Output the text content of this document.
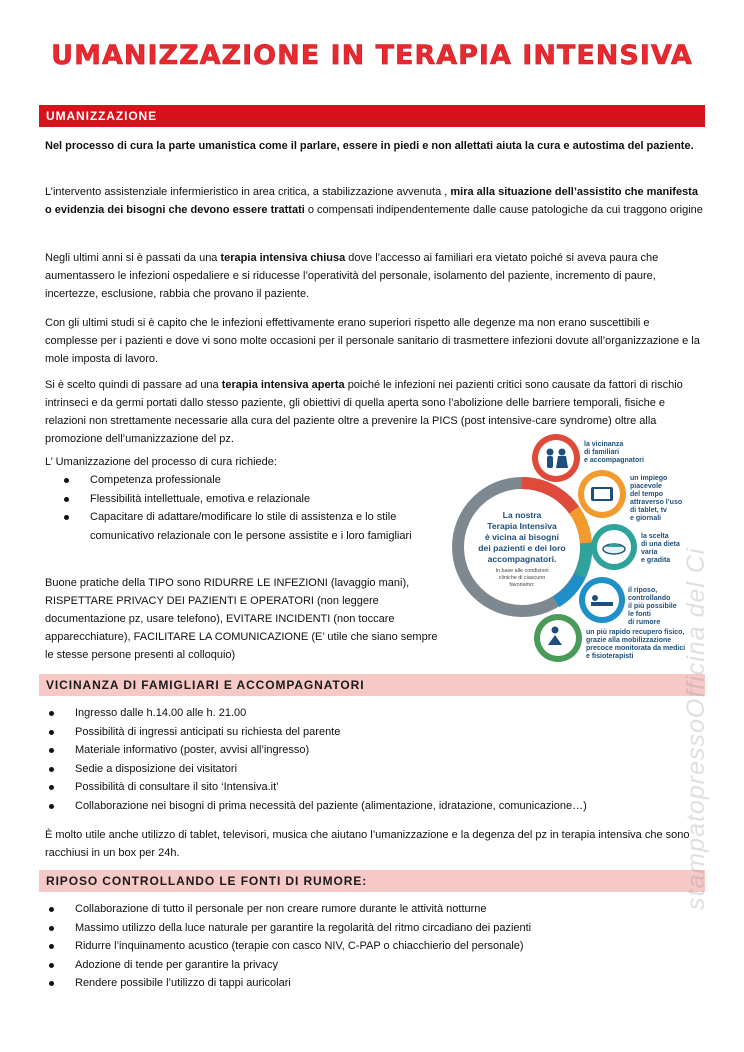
UMANIZZAZIONE IN TERAPIA INTENSIVA
UMANIZZAZIONE
Nel processo di cura la parte umanistica come il parlare, essere in piedi e non allettati aiuta la cura e autostima del paziente.
L’intervento assistenziale infermieristico in area critica, a stabilizzazione avvenuta , mira alla situazione dell’assistito che manifesta o evidenzia dei bisogni che devono essere trattati o compensati indipendentemente dalle cause patologiche da cui traggono origine
Negli ultimi anni si è passati da una terapia intensiva chiusa dove l’accesso ai familiari era vietato poiché si aveva paura che aumentassero le infezioni ospedaliere e si riducesse l’operatività del personale, isolamento del paziente, incremento di paure, incertezze, esclusione, rabbia che provano il paziente.
Con gli ultimi studi si è capito che le infezioni effettivamente erano superiori rispetto alle degenze ma non erano suscettibili e complesse per i pazienti e dove vi sono molte occasioni per il personale sanitario di trasmettere infezioni dovute all’organizzazione e la mole imposta di lavoro.
Si è scelto quindi di passare ad una terapia intensiva aperta poiché le infezioni nei pazienti critici sono causate da fattori di rischio intrinseci e da germi portati dallo stesso paziente, gli obiettivi di quella aperta sono l’abolizione delle barriere temporali, fisiche e relazioni non strettamente necessarie alla cura del paziente oltre a prevenire la PICS (post intensive-care syndrome) oltre alla promozione dell’umanizzazione del pz.
L’ Umanizzazione del processo di cura richiede:
Competenza professionale
Flessibilità intellettuale, emotiva e relazionale
Capacitare di adattare/modificare lo stile di assistenza e lo stile comunicativo relazionale con le persone assistite e i loro famigliari
Buone pratiche della TIPO sono RIDURRE LE INFEZIONI (lavaggio mani), RISPETTARE PRIVACY DEI PAZIENTI E OPERATORI (non leggere documentazione pz, usare telefono), EVITARE INCIDENTI (non toccare apparecchiature), FACILITARE LA COMUNICAZIONE (E’ utile che siano sempre le stesse persone presenti al colloquio)
La nostra
Terapia Intensiva
è vicina ai bisogni
dei pazienti e dei loro
accompagnatori.
In base alle condizioni
cliniche di ciascuno
favoriamo:
la vicinanza
di familiari
e accompagnatori
un impiego
piacevole
del tempo
attraverso l’uso
di tablet, tv
e giornali
la scelta
di una dieta
varia
e gradita
il riposo,
controllando
il più possibile
le fonti
di rumore
un più rapido recupero fisico,
grazie alla mobilizzazione
precoce monitorata da medici
e fisioterapisti
VICINANZA DI FAMIGLIARI E ACCOMPAGNATORI
Ingresso dalle h.14.00 alle h. 21.00
Possibilità di ingressi anticipati su richiesta del parente
Materiale informativo (poster, avvisi all’ingresso)
Sedie a disposizione dei visitatori
Possibilità di consultare il sito ‘Intensiva.it’
Collaborazione nei bisogni di prima necessità del paziente (alimentazione, idratazione, comunicazione…)
È molto utile anche utilizzo di tablet, televisori, musica che aiutano l’umanizzazione e la degenza del pz in terapia intensiva che sono racchiusi in un box per 24h.
RIPOSO CONTROLLANDO LE FONTI DI RUMORE:
Collaborazione di tutto il personale per non creare rumore durante le attività notturne
Massimo utilizzo della luce naturale per garantire la regolarità del ritmo circadiano dei pazienti
Ridurre l’inquinamento acustico (terapie con casco NIV, C-PAP o chiacchierio del personale)
Adozione di tende per garantire la privacy
Rendere possibile l’utilizzo di tappi auricolari
stampatopressoOfficina del Ci
